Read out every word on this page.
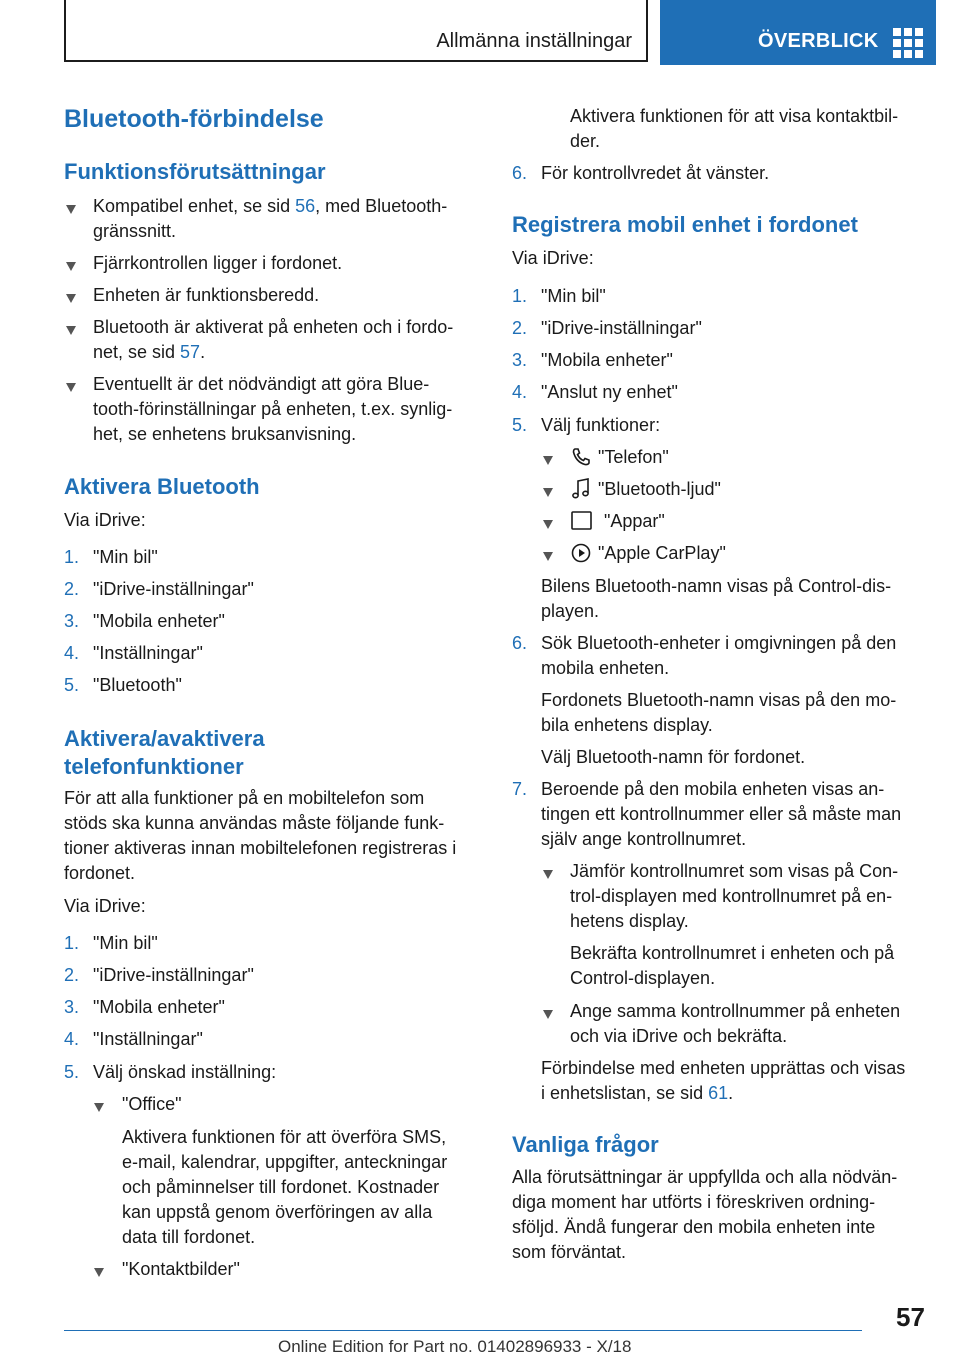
Allmänna inställningar	ÖVERBLICK
Bluetooth-förbindelse
Funktionsförutsättningar
Kompatibel enhet, se sid 56, med Bluetooth-
gränssnitt.
Fjärrkontrollen ligger i fordonet.
Enheten är funktionsberedd.
Bluetooth är aktiverat på enheten och i fordo-
net, se sid 57.
Eventuellt är det nödvändigt att göra Blue-
tooth-förinställningar på enheten, t.ex. synlig-
het, se enhetens bruksanvisning.
Aktivera Bluetooth
Via iDrive:
1. "Min bil"
2. "iDrive-inställningar"
3. "Mobila enheter"
4. "Inställningar"
5. "Bluetooth"
Aktivera/avaktivera
telefonfunktioner
För att alla funktioner på en mobiltelefon som
stöds ska kunna användas måste följande funk-
tioner aktiveras innan mobiltelefonen registreras i
fordonet.
Via iDrive:
1. "Min bil"
2. "iDrive-inställningar"
3. "Mobila enheter"
4. "Inställningar"
5. Välj önskad inställning:
"Office"
Aktivera funktionen för att överföra SMS,
e-mail, kalendrar, uppgifter, anteckningar
och påminnelser till fordonet. Kostnader
kan uppstå genom överföringen av alla
data till fordonet.
"Kontaktbilder"
Aktivera funktionen för att visa kontaktbil-
der.
6. För kontrollvredet åt vänster.
Registrera mobil enhet i fordonet
Via iDrive:
1. "Min bil"
2. "iDrive-inställningar"
3. "Mobila enheter"
4. "Anslut ny enhet"
5. Välj funktioner:
"Telefon"
"Bluetooth-ljud"
"Appar"
"Apple CarPlay"
Bilens Bluetooth-namn visas på Control-dis-
playen.
6. Sök Bluetooth-enheter i omgivningen på den
mobila enheten.
Fordonets Bluetooth-namn visas på den mo-
bila enhetens display.
Välj Bluetooth-namn för fordonet.
7. Beroende på den mobila enheten visas an-
tingen ett kontrollnummer eller så måste man
själv ange kontrollnumret.
Jämför kontrollnumret som visas på Con-
trol-displayen med kontrollnumret på en-
hetens display.
Bekräfta kontrollnumret i enheten och på
Control-displayen.
Ange samma kontrollnummer på enheten
och via iDrive och bekräfta.
Förbindelse med enheten upprättas och visas
i enhetslistan, se sid 61.
Vanliga frågor
Alla förutsättningar är uppfyllda och alla nödvän-
diga moment har utförts i föreskriven ordning-
sföljd. Ändå fungerar den mobila enheten inte
som förväntat.
57
Online Edition for Part no. 01402896933 - X/18
